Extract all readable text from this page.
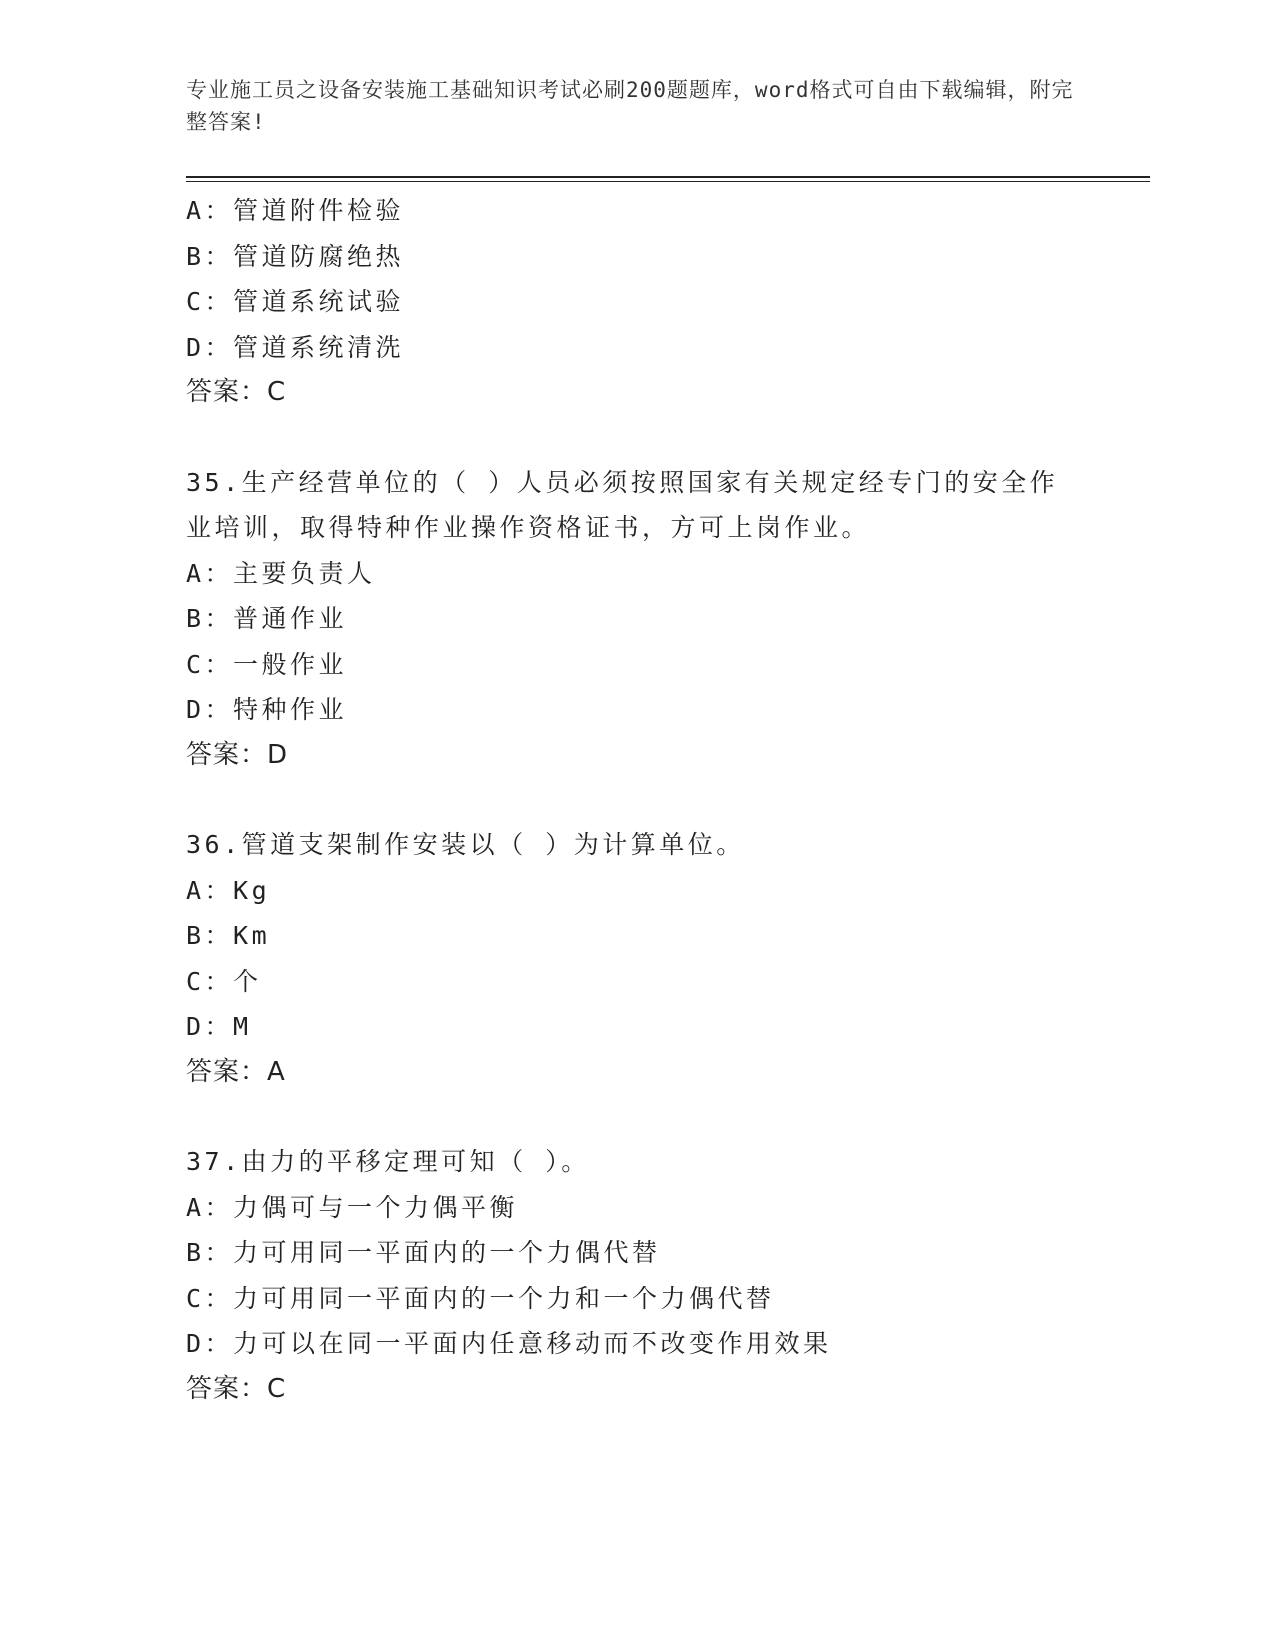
专业施工员之设备安装施工基础知识考试必刷200题题库，word格式可自由下载编辑，附完整答案!
A：管道附件检验
B：管道防腐绝热
C：管道系统试验
D：管道系统清洗
答案：C
35.生产经营单位的（ ）人员必须按照国家有关规定经专门的安全作
业培训，取得特种作业操作资格证书，方可上岗作业。
A：主要负责人
B：普通作业
C：一般作业
D：特种作业
答案：D
36.管道支架制作安装以（ ）为计算单位。
A：Kg
B：Km
C：个
D：M
答案：A
37.由力的平移定理可知（ ）。
A：力偶可与一个力偶平衡
B：力可用同一平面内的一个力偶代替
C：力可用同一平面内的一个力和一个力偶代替
D：力可以在同一平面内任意移动而不改变作用效果
答案：C
